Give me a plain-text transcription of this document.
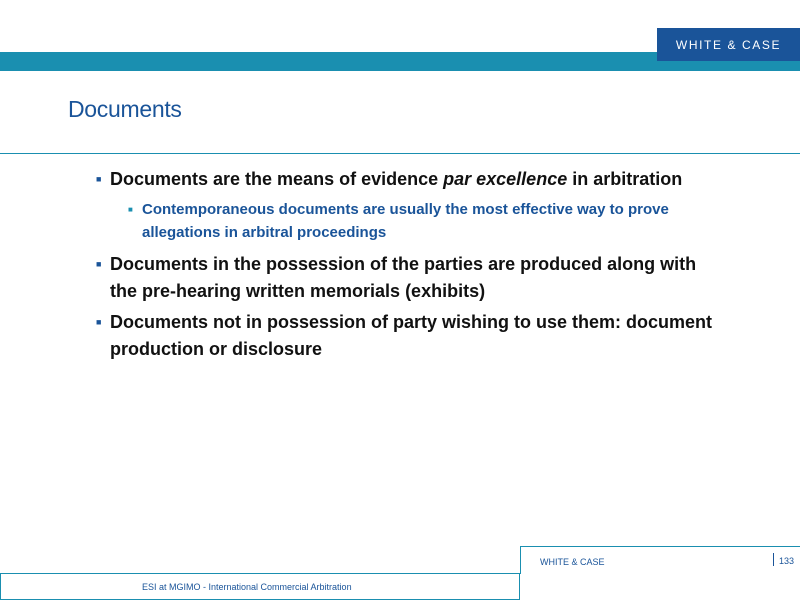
WHITE & CASE
Documents
■ Documents are the means of evidence par excellence in arbitration
■ Contemporaneous documents are usually the most effective way to prove
allegations in arbitral proceedings
■ Documents in the possession of the parties are produced along with
the pre-hearing written memorials (exhibits)
■ Documents not in possession of party wishing to use them: document
production or disclosure
WHITE & CASE	133
ESI at MGIMO - International Commercial Arbitration
